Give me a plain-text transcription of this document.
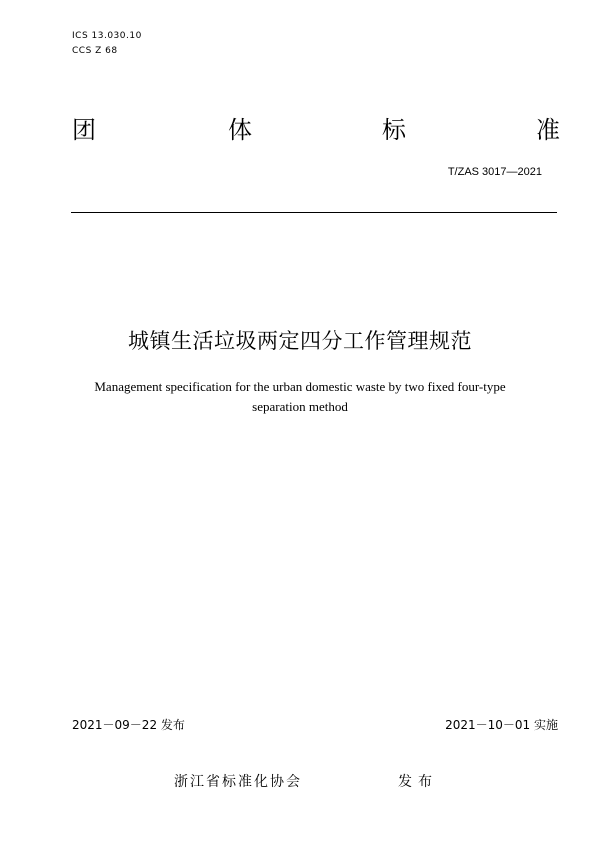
ICS 13.030.10
CCS Z 68
团	体	标	准
T/ZAS 3017—2021
城镇生活垃圾两定四分工作管理规范
Management specification for the urban domestic waste by two fixed four-type
separation method
2021－09－22 发布	2021－10－01 实施
浙江省标准化协会	发布
